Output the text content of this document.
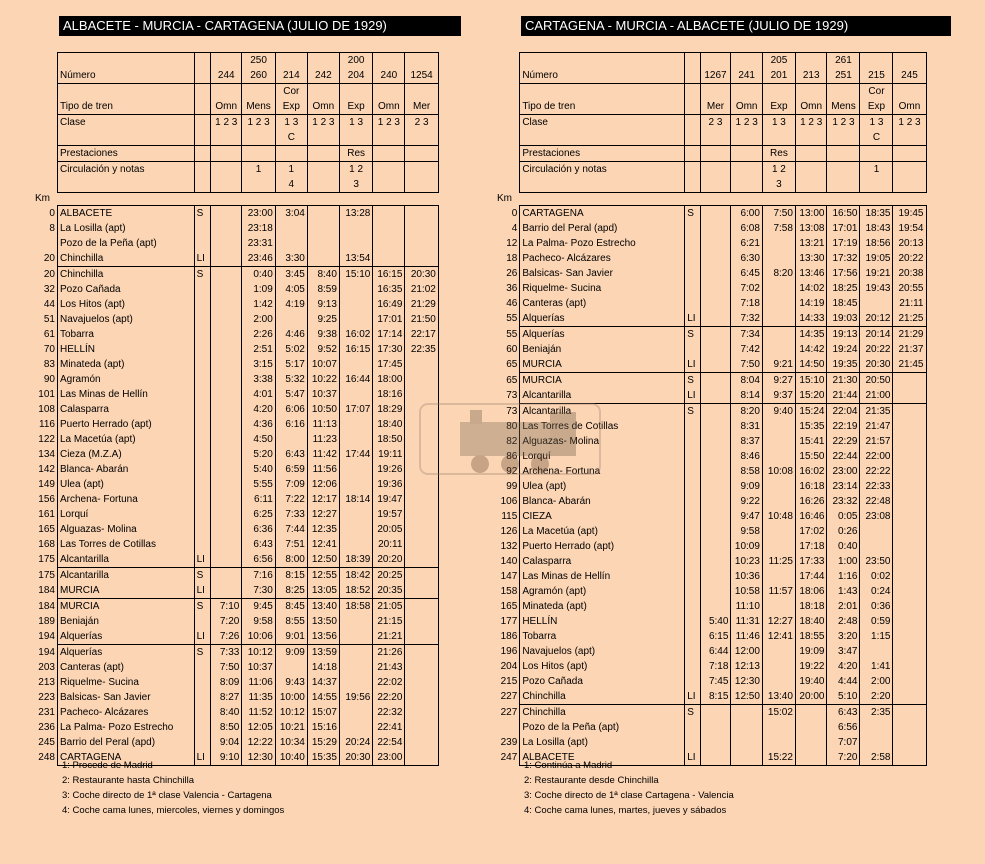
ALBACETE - MURCIA - CARTAGENA (JULIO DE 1929)
				250			200			
	Número		244	260	214	242	204	240	1254	
					Cor					
	Tipo de tren		Omn	Mens	Exp	Omn	Exp	Omn	Mer	
	Clase		1 2 3	1 2 3	1 3	1 2 3	1 3	1 2 3	2 3	
					C					
	Prestaciones						Res			
	Circulación y notas			1	1		1 2			
					4		3			
Km										
0	ALBACETE	S		23:00	3:04		13:28			
8	La Losilla (apt)			23:18						
	Pozo de la Peña (apt)			23:31						
20	Chinchilla	LI		23:46	3:30		13:54			
20	Chinchilla	S		0:40	3:45	8:40	15:10	16:15	20:30	
32	Pozo Cañada			1:09	4:05	8:59		16:35	21:02	
44	Los Hitos (apt)			1:42	4:19	9:13		16:49	21:29	
51	Navajuelos (apt)			2:00		9:25		17:01	21:50	
61	Tobarra			2:26	4:46	9:38	16:02	17:14	22:17	
70	HELLÍN			2:51	5:02	9:52	16:15	17:30	22:35	
83	Minateda (apt)			3:15	5:17	10:07		17:45		
90	Agramón			3:38	5:32	10:22	16:44	18:00		
101	Las Minas de Hellín			4:01	5:47	10:37		18:16		
108	Calasparra			4:20	6:06	10:50	17:07	18:29		
116	Puerto Herrado (apt)			4:36	6:16	11:13		18:40		
122	La Macetúa (apt)			4:50		11:23		18:50		
134	Cieza (M.Z.A)			5:20	6:43	11:42	17:44	19:11		
142	Blanca- Abarán			5:40	6:59	11:56		19:26		
149	Ulea (apt)			5:55	7:09	12:06		19:36		
156	Archena- Fortuna			6:11	7:22	12:17	18:14	19:47		
161	Lorquí			6:25	7:33	12:27		19:57		
165	Alguazas- Molina			6:36	7:44	12:35		20:05		
168	Las Torres de Cotillas			6:43	7:51	12:41		20:11		
175	Alcantarilla	LI		6:56	8:00	12:50	18:39	20:20		
175	Alcantarilla	S		7:16	8:15	12:55	18:42	20:25		
184	MURCIA	LI		7:30	8:25	13:05	18:52	20:35		
184	MURCIA	S	7:10	9:45	8:45	13:40	18:58	21:05		
189	Beniaján		7:20	9:58	8:55	13:50		21:15		
194	Alquerías	LI	7:26	10:06	9:01	13:56		21:21		
194	Alquerías	S	7:33	10:12	9:09	13:59		21:26		
203	Canteras (apt)		7:50	10:37		14:18		21:43		
213	Riquelme- Sucina		8:09	11:06	9:43	14:37		22:02		
223	Balsicas- San Javier		8:27	11:35	10:00	14:55	19:56	22:20		
231	Pacheco- Alcázares		8:40	11:52	10:12	15:07		22:32		
236	La Palma- Pozo Estrecho		8:50	12:05	10:21	15:16		22:41		
245	Barrio del Peral (apd)		9:04	12:22	10:34	15:29	20:24	22:54		
248	CARTAGENA	LI	9:10	12:30	10:40	15:35	20:30	23:00		
CARTAGENA - MURCIA - ALBACETE (JULIO DE 1929)
					205		261			
	Número		1267	241	201	213	251	215	245	
								Cor		
	Tipo de tren		Mer	Omn	Exp	Omn	Mens	Exp	Omn	
	Clase		2 3	1 2 3	1 3	1 2 3	1 2 3	1 3	1 2 3	
								C		
	Prestaciones				Res					
	Circulación y notas				1 2			1		
					3					
Km										
0	CARTAGENA	S		6:00	7:50	13:00	16:50	18:35	19:45	
4	Barrio del Peral (apd)			6:08	7:58	13:08	17:01	18:43	19:54	
12	La Palma- Pozo Estrecho			6:21		13:21	17:19	18:56	20:13	
18	Pacheco- Alcázares			6:30		13:30	17:32	19:05	20:22	
26	Balsicas- San Javier			6:45	8:20	13:46	17:56	19:21	20:38	
36	Riquelme- Sucina			7:02		14:02	18:25	19:43	20:55	
46	Canteras (apt)			7:18		14:19	18:45		21:11	
55	Alquerías	LI		7:32		14:33	19:03	20:12	21:25	
55	Alquerías	S		7:34		14:35	19:13	20:14	21:29	
60	Beniaján			7:42		14:42	19:24	20:22	21:37	
65	MURCIA	LI		7:50	9:21	14:50	19:35	20:30	21:45	
65	MURCIA	S		8:04	9:27	15:10	21:30	20:50		
73	Alcantarilla	LI		8:14	9:37	15:20	21:44	21:00		
73	Alcantarilla	S		8:20	9:40	15:24	22:04	21:35		
80	Las Torres de Cotillas			8:31		15:35	22:19	21:47		
82	Alguazas- Molina			8:37		15:41	22:29	21:57		
86	Lorquí			8:46		15:50	22:44	22:00		
92	Archena- Fortuna			8:58	10:08	16:02	23:00	22:22		
99	Ulea (apt)			9:09		16:18	23:14	22:33		
106	Blanca- Abarán			9:22		16:26	23:32	22:48		
115	CIEZA			9:47	10:48	16:46	0:05	23:08		
126	La Macetúa (apt)			9:58		17:02	0:26			
132	Puerto Herrado (apt)			10:09		17:18	0:40			
140	Calasparra			10:23	11:25	17:33	1:00	23:50		
147	Las Minas de Hellín			10:36		17:44	1:16	0:02		
158	Agramón (apt)			10:58	11:57	18:06	1:43	0:24		
165	Minateda (apt)			11:10		18:18	2:01	0:36		
177	HELLÍN		5:40	11:31	12:27	18:40	2:48	0:59		
186	Tobarra		6:15	11:46	12:41	18:55	3:20	1:15		
196	Navajuelos (apt)		6:44	12:00		19:09	3:47			
204	Los Hitos (apt)		7:18	12:13		19:22	4:20	1:41		
215	Pozo Cañada		7:45	12:30		19:40	4:44	2:00		
227	Chinchilla	LI	8:15	12:50	13:40	20:00	5:10	2:20		
227	Chinchilla	S			15:02		6:43	2:35		
	Pozo de la Peña (apt)						6:56			
239	La Losilla (apt)						7:07			
247	ALBACETE	LI			15:22		7:20	2:58		
1: Procede de Madrid
2: Restaurante hasta Chinchilla
3: Coche directo de 1ª clase Valencia - Cartagena
4: Coche cama lunes, miercoles, viernes y domingos
1: Continúa a Madrid
2: Restaurante desde Chinchilla
3: Coche directo de 1ª clase Cartagena - Valencia
4: Coche cama lunes, martes, jueves y sábados
